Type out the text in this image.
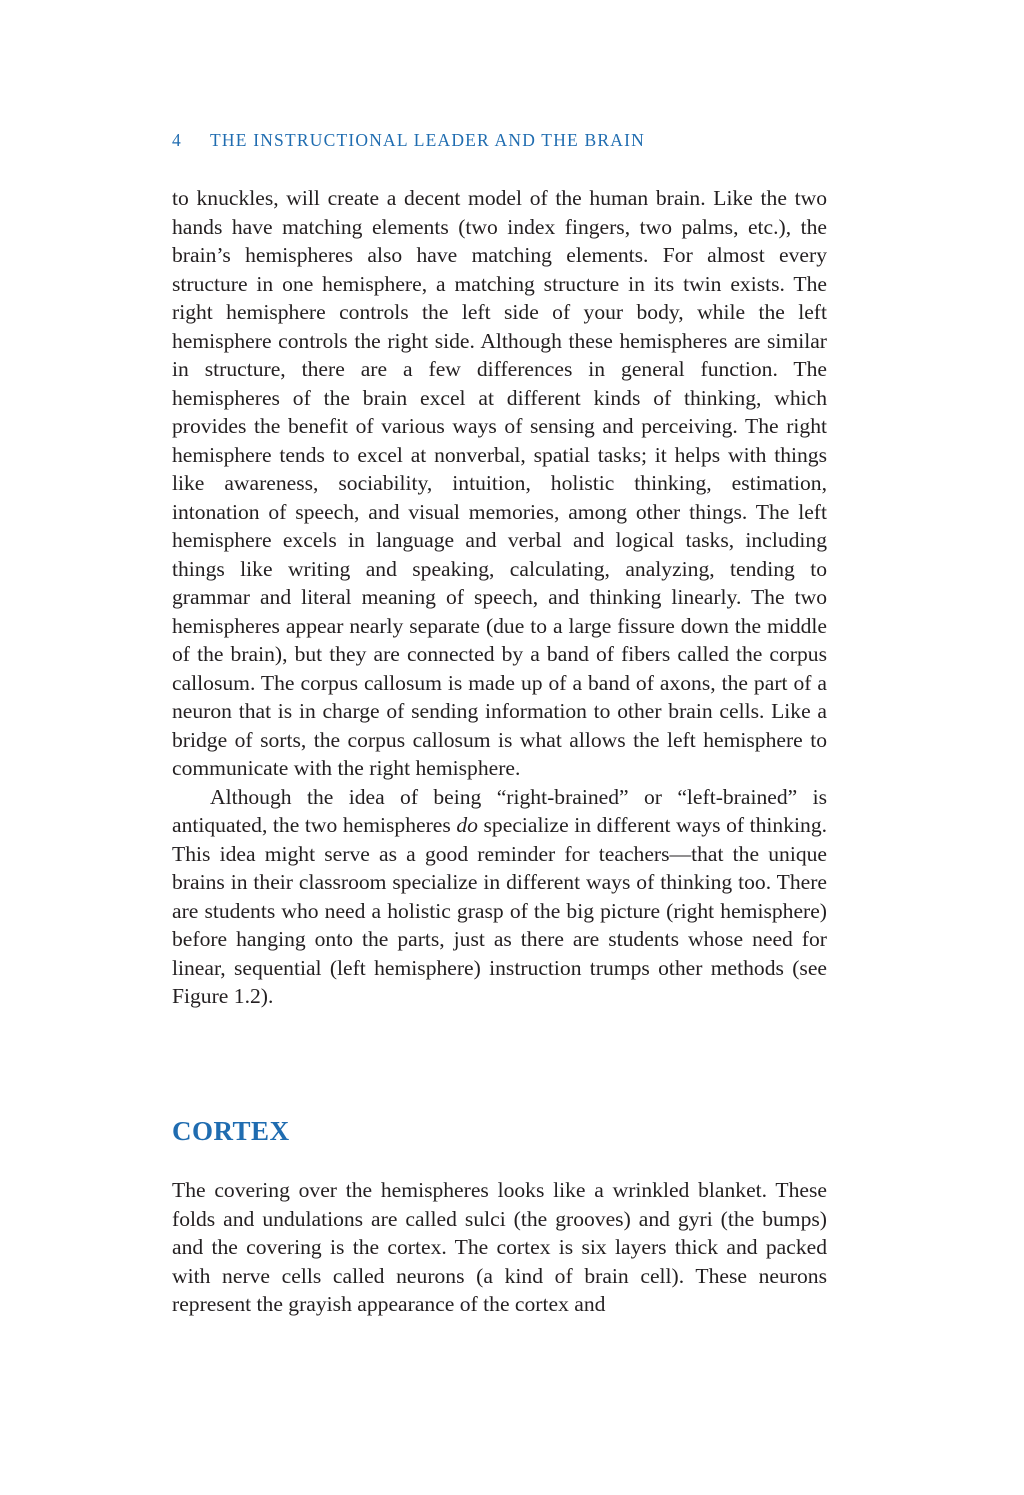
4 THE INSTRUCTIONAL LEADER AND THE BRAIN

to knuckles, will create a decent model of the human brain. Like the two hands have matching elements (two index fingers, two palms, etc.), the brain’s hemispheres also have matching elements. For almost every structure in one hemisphere, a matching structure in its twin exists. The right hemisphere controls the left side of your body, while the left hemisphere controls the right side. Although these hemispheres are similar in structure, there are a few differences in general function. The hemispheres of the brain excel at different kinds of thinking, which provides the benefit of various ways of sensing and perceiving. The right hemisphere tends to excel at nonverbal, spatial tasks; it helps with things like awareness, sociability, intuition, holistic thinking, estimation, intonation of speech, and visual memories, among other things. The left hemisphere excels in language and verbal and logical tasks, including things like writing and speaking, calculating, analyzing, tending to grammar and literal meaning of speech, and thinking linearly. The two hemispheres appear nearly separate (due to a large fissure down the middle of the brain), but they are connected by a band of fibers called the corpus callosum. The corpus callosum is made up of a band of axons, the part of a neuron that is in charge of sending information to other brain cells. Like a bridge of sorts, the corpus callosum is what allows the left hemisphere to communicate with the right hemisphere.

Although the idea of being “right-brained” or “left-brained” is antiquated, the two hemispheres do specialize in different ways of thinking. This idea might serve as a good reminder for teachers—that the unique brains in their classroom specialize in different ways of thinking too. There are students who need a holistic grasp of the big picture (right hemisphere) before hanging onto the parts, just as there are students whose need for linear, sequential (left hemisphere) instruction trumps other methods (see Figure 1.2).

CORTEX

The covering over the hemispheres looks like a wrinkled blanket. These folds and undulations are called sulci (the grooves) and gyri (the bumps) and the covering is the cortex. The cortex is six layers thick and packed with nerve cells called neurons (a kind of brain cell). These neurons represent the grayish appearance of the cortex and
